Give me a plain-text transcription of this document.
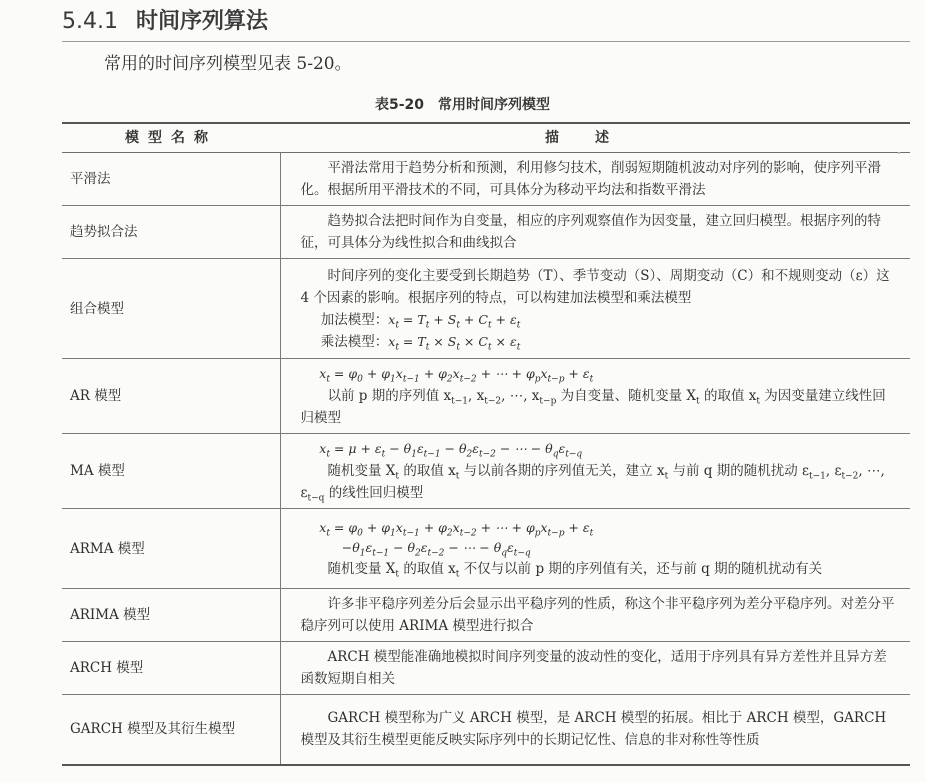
5.4.1 时间序列算法
常用的时间序列模型见表 5-20。
表5-20　常用时间序列模型
模型名称	描述
平滑法	平滑法常用于趋势分析和预测，利用修匀技术，削弱短期随机波动对序列的影响，使序列平滑化。根据所用平滑技术的不同，可具体分为移动平均法和指数平滑法

趋势拟合法	趋势拟合法把时间作为自变量，相应的序列观察值作为因变量，建立回归模型。根据序列的特征，可具体分为线性拟合和曲线拟合

组合模型	时间序列的变化主要受到长期趋势（T）、季节变动（S）、周期变动（C）和不规则变动（ε）这 4 个因素的影响。根据序列的特点，可以构建加法模型和乘法模型
加法模型：$x_t = T_t + S_t + C_t + \varepsilon_t$
乘法模型：$x_t = T_t \times S_t \times C_t \times \varepsilon_t$

AR 模型	$x_t = \varphi_0 + \varphi_1x_{t-1} + \varphi_2x_{t-2}$ + ⋯ + $\varphi_px_{t-p} + \varepsilon_t$
以前 p 期的序列值 $x_{t-1}$, $x_{t-2}$, ⋯, $x_{t-p}$ 为自变量、随机变量 $X_t$ 的取值 $x_t$ 为因变量建立线性回归模型

MA 模型	$x_t = \mu + \varepsilon_t - \theta_1\varepsilon_{t-1} - \theta_2\varepsilon_{t-2}$ − ⋯ − $\theta_q\varepsilon_{t-q}$
随机变量 $X_t$ 的取值 $x_t$ 与以前各期的序列值无关，建立 $x_t$ 与前 q 期的随机扰动 $\varepsilon_{t-1}$, $\varepsilon_{t-2}$, ⋯, $\varepsilon_{t-q}$ 的线性回归模型

ARMA 模型	$x_t = \varphi_0 + \varphi_1x_{t-1} + \varphi_2x_{t-2}$ + ⋯ + $\varphi_px_{t-p} + \varepsilon_t$
$-\theta_1\varepsilon_{t-1} - \theta_2\varepsilon_{t-2}$ − ⋯ − $\theta_q\varepsilon_{t-q}$
随机变量 $X_t$ 的取值 $x_t$ 不仅与以前 p 期的序列值有关，还与前 q 期的随机扰动有关

ARIMA 模型	许多非平稳序列差分后会显示出平稳序列的性质，称这个非平稳序列为差分平稳序列。对差分平稳序列可以使用 ARIMA 模型进行拟合

ARCH 模型	ARCH 模型能准确地模拟时间序列变量的波动性的变化，适用于序列具有异方差性并且异方差函数短期自相关

GARCH 模型及其衍生模型	GARCH 模型称为广义 ARCH 模型，是 ARCH 模型的拓展。相比于 ARCH 模型，GARCH 模型及其衍生模型更能反映实际序列中的长期记忆性、信息的非对称性等性质
